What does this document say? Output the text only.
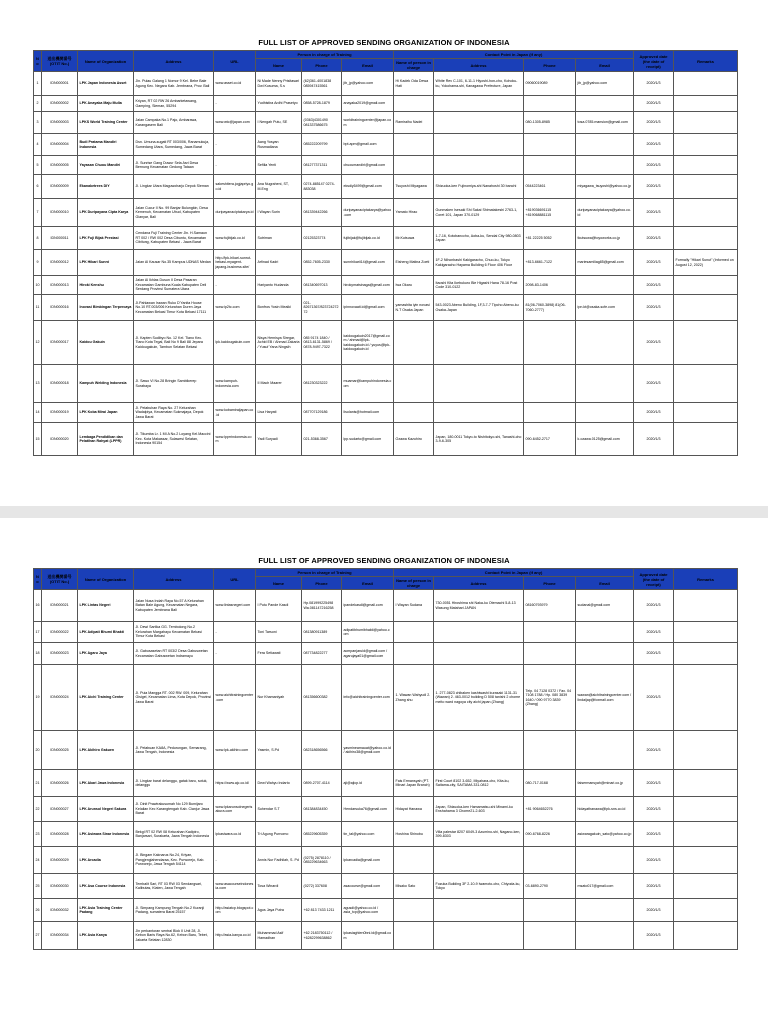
FULL LIST OF APPROVED SENDING ORGANIZATION OF INDONESIA
No	送出機関番号
(OTIT No.)	Name of Organization	Address	URL	Person in charge of Training			Contact Point in Japan (if any)				Approved date (the date of receipt)	Remarks
					Name	Phone	Email	Name of person in charge	Address	Phone	Email		
1	IDN000001	LPK Japan Indonesia Asset	Jln. Pulau Galang 1 Nomor 9 Kel. Bebe Bale Agung Kec. Negara Kab. Jembrana, Prov. Bali	www.asset.co.id	Ni Made Nenny Prisitasari Dwi Kusuma, S.s	(62)361-4001838 085947415561	jib_jp@yahoo.com	Hi Kadek Oda Dewa Hati	White Rev C-101, 6-11-1 Hiyoshi-hon-cho, Kohoku-ku, Yokohama-shi, Kanagawa Prefecture, Japan	09060019089	jib_jp@yahoo.com	2020/1/3	
2	IDN000002	LPK Anayaka Maju Mulia	Kriyan, RT 02 RW 26 Ambarketawang, Gamping, Sleman, 55294	-	Yudhistira Ardhi Prasetyo	0858-5728-1879	anayaka2019@gmail.com					2020/1/3	
3	IDN000003	LPKS World Training Center	Jalan Campaka No.1 Pajo, Ambarawa, Karangasem Bali	www.wtc@japan.com	I Nengah Putu, SE	(0363)4301490 081337586675	worldtrainingcenter@japan.com	Ramiraihu Nadei		080-1305-8985	tosa.0785.mansion@gmail.com	2020/1/3	
4	IDN000004	Budi Pratama Mandiri Indonesia	Dsn. Umuna-sugati RT 003/006, Ranamukuja, Sumedang Utara, Sumedang, Jawa Barat	-	Aang Yosyan Rusmadiana	085222209799	bpt.apm@gmail.com					2020/1/3	
5	IDN000005	Yayasan Chuou Mandiri	Jl. Sunrise Gang Duwur Sela Asri Desa Bernung Kecamatan Gedong Tataan	-	Sefilia Yenti	081277371311	chuoumandiri@gmail.com					2020/1/3	
6	IDN000009	Ekanaketrees DIY	Jl. Lingkar Utara Maguwoharjo Depok Sleman	sakeshitera.jogjapriyo.go.id	Ana Nugraheni, ST, M.Eng	0274-885147 0274-883038	eksdiy5499@gmail.com	Tsuyoshi Miyagawa	Shizuoka-ken Fujinomiya-shi Nanahoshi 30 banchi	0544223461	miyagawa_tsuyoshi@yahoo.co.jp	2020/1/3	
7	IDN000010	LPK Duripayana Cipta Karya	Jalan Cucur II No. 99 Banjar Bulungkin, Desa Kemenuh, Kecamatan Ubud, Kabupaten Gianyar, Bali	duripayanaciptakarya.id	I Wayan Surin	081339442266	duripayanaciptakarya@yahoo.com	Yamato Hirao	Gunmaken Isesaki Shi Sakai Shimatakeshi 2763-1, Coret 101, Japan 370-0129	+819036691115 +819068881115	duripayanaciptakarya@yahoo.co.id	2020/1/3	
8	IDN000011	LPK Fuji Bijak Prestasi	Cendana Fuji Training Center Jln. H.Samaun RT 002 / RW 002 Desa Cibuntu, Kecamatan Cibitung, Kabupaten Bekasi - Jawa Barat	www.fujibijak.co.id	Sutriman	02125323774	fujibijak@fujibijak.co.id	Mr.Kutsuwa	1-7-16, Kotobanccho, Aoba-ku, Sendai City 980-0803 Japan	+81 22225 5052	tkutsuwa@toyoworks.co.jp	2020/1/3	
9	IDN000012	LPK Hikari Sunnt	Jalan Al Kausar No.35 Kampus UDNAS Medan	http://lpk-hikari-sunrut-bekasi-myagent-japang-business.site/	Arfinad Kadri	0852-7605-2330	sunnhikarii14@gmail.com	Eisheng Matina Zoeti	1F-2 Nihonbashi Kakigaracho, Chuo-ku, Tokyo Kakigaracho Hayama Building 6 Floor 406 Floor	+813-6661-7122	mariesamiliag85@gmail.com	2020/1/3	Formally "Hikari Sunut" (Informed on August 12, 2022)
10	IDN000013	Hiroki Kenshu	Jalan Al Ikhlas Dusun II Desa Pasaran Kecamatan Gambuna Kuala Kabupaten Deli Serdang Provinsi Sumatera Utara	-	Hariyanto Hudanda	081340697013	hirokymatsinaga@gmail.com	Iwa Okaru	Itaoshi Kita Ikebukuro Ble Higashi Hana 78-16 Post Code 310-0122	2098-83-1406		2020/1/3	
11	IDN000016	Inovasi Bimbingan Terpercaya	Jl.Pahlawan Irawan Ruko D'Yanita House No.10 RT.003/006 Kelurahan Duren Jaya Kecamatan Bekasi Timur Kota Bekasi 17111	www.ip2tc.com	Bonfros Yosin Meaiki	021-82671367/82372427272	ipinnovaati.id@gmail.com	yamashita iyin novasi N.T Osaka Japan	543-0023 Abeno Building, 1F,3-7-7 Tipcho Abeno-ku Osaka-Japan	81(06-7060-3898) 81(06-7060-2777)	ipn.kt@osaka-scfe.com	2020/1/3	
12	IDN000017	Kaidou Gakuin	Jl. Kapten Sudibyo No. 12 Kel. Tiano Kec. Tiano Kota Tegal, Bali No 9 Bali 88 Jepara Kaidougakuin, Tambun Selatan Bekasi	lpk.kaidougakuin.com	Nisya Hernisya Siregar, Achid EB / Ahmad Zakaria / Yusuf Yana Ningsih	085 9174 1840 / 0813-6131-5869 / 0878-9497-7322	kaidougakuin2017@gmail.com / ahmad@lpk-kaidougakuin.id / yuyus@lpk-kaidougakuin.id					2020/1/3	
13	IDN000018	Kampuh Welding Indonesia	Jl. Sawo VI No.28 Bringin Sambikerep Surabaya	www.kampuh-indonesia.com	II Mach Maarer	081230323222	muamar@kampuhindonesia.com					2020/1/3	
14	IDN000019	LPK Koba Mirai Japan	Jl. Pelabuhan Raya No. 27 Kelurahan Wadalpiya, Kecamatan Sukmajaya, Depok Jawa Barat	www.kobamiraijapan.co.id	Lisa Haryati	087707129186	lisolanis@hotmail.com					2020/1/3	
15	IDN000020	Lembaga Pendidikan dan Pelatihan Rahyat (LPPR)	Jl. Tikumba Lr. 1 MI A No.2 Loyang Kel.Maccini Kec. Kota Makassar, Sulawesi Selatan, Indonesia 90154	www.lpprrindonesia.com	Yadi Suryadi	021-5368-3567	lpp.sudarto@gmail.com	Ozawa Kazuhiro	Japan, 180-0011 Tokyo-to Nishitokyo-shi, Tanashi-cho 3-9-6-305	090-6452-2717	k.ozawa.0125@gmail.com	2020/1/3	
FULL LIST OF APPROVED SENDING ORGANIZATION OF INDONESIA
No	送出機関番号
(OTIT No.)	Name of Organization	Address	URL	Person in charge of Training			Contact Point in Japan (if any)				Approved date (the date of receipt)	Remarks
					Name	Phone	Email	Name of person in charge	Address	Phone	Email		
16	IDN000021	LPK Lintas Negeri	Jalan Nusa Indah Raya No.57 A Kelurahan Batan Bale Agung, Kecamatan Negara, Kabupaten Jembrana Bali	www.lintasnegeri.com	I Putu Pande Kasdi	Hp.081999225498 Wa.081147216258	ipandekasdi@gmail.com	I Wayan Sudana	730-0051 Hiroshima shi Naka-ku Otemachi 5-8-13 Wasung Matahari JAPAN	08160793979	sudanal@gmail.com	2020/1/3	
17	IDN000022	LPK Adipati Bhumi Bhakti	Jl. Dewi Sartika GG. Tembolong No.2 Kelurahan Margahayu Kecamatan Bekasi Timur Kota Bekasi	-	Toni Tarsoni	081380911389	adipatibhumibhakti@yahoo.com					2020/1/3	
18	IDN000023	LPK Agaru Jaya	Jl. Gabusasetan RT 003/2 Desa Gabuswetan Kecamatan Gabuswetan Indramayu	-	Fera Setiawati	087734822277	acmpanjaruid@gmail.com / agarujaya01@gmail.com					2020/1/3	
19	IDN000024	LPK Aichi Training Center	Jl. Puia Mangga RT. 002 RW. 009, Kelurahan Gisigel, Kecamatan Lima, Kota Depok, Provinsi Jawa Barat	www.aichitrainingcenter.com	Nur Khamaniyah	081356600382	info@aichitrainingcenter.com	1. Wawan Wahyudi 2. Zhang shu	1. 277-0823 chibaken kashiwashi kurasaki 1131-31 (Wawan) 2. 463-0012 building D 508 tanishi 2 chome meito ward nagoya city aichi japan (Zhang)	Telp. 04 7128 0372 / Fax. 04 7108 1788 / Hp. 080 3839 1640 / 090 9770 3839 (Zhang)	wawan@aichitrainingcenter.com / lindaijap@foxmail.com	2020/1/3	
20	IDN000025	LPK Akihiro Gakuen	Jl. Pelabuan KA8A, Pedurungan, Semarang, Jawa Tengah, Indonesia	www.lpk-akihiro.com	Yasmin, S.Pd	082318656566	yasmineamauat@yahoo.co.id / akihiro38@gmail.com					2020/1/3	
21	IDN000026	LPK Akari Jawa Indonesia	Jl. Lingkar barat delanggu, gatak baru, sotuk, delanggu	https://www.ajc.co.id/	Dewi Wahyu Indarto	0899-2707-4114	aji@ajicp.id	Fais Ermansyah (PT. Minari Japan Branch)	First Court 8102 3-652, Miyahara-cho, Kita-ku, Saitama-city, SAITAMA 331-0812	080-717-0168	faisermansyah@minari.co.jp	2020/1/3	
22	IDN000027	LPK Arunsol Negeri Sakura	Jl. Dinit Prawirakusumah No 129 Bumijaro Kelalian Kec Karangtengah Kab. Cianjur Jawa Barat	www.lpkarunsolnegerisakura.com	Suhendar S.T	081384834450	Hendarsuka76@gmail.com	Hidayat Hanawa	Japan, Shizuoka-ken Hamamatsu-shi Minami-ku Enshahama 3 Chome21-2-603	+81 9064652276	hidayathanawa@lpk-sns.co.id	2020/1/3	
23	IDN000028	LPK Asiwara Sinar Indonesia	Bekgl RT 02 RW 08 Kelurahan Kadipiro, Banjarsari, Surakarta, Jawa Tengah Indonesia	lpkasiwara.co.id	Tri Agung Purnomo	085229605359	tin_tal@yahoo.com	Hoshina Shinobu	Villa palestar 8207 6049-3 Azumino-shi, Nagano-ken, 399-8303	090-6768-8226	asiwaragakuin_sato@yahoo.co.jp	2020/1/3	
24	IDN000029	LPK Arcadia	Jl. Bingam Kaknarus No.24, Kriyan, Pangjenglahendaraa, Kec. Purworejo, Kab. Purworejo, Jawa Tengah 54114	-	Annis Nur Fadhilah, S. Pd	(0275) 2878110 / 085229634663	lpkarcadia@gmail.com					2020/1/3	
25	IDN000030	LPK Asa Course Indonesia	Tembalit Sari, RT 03 RW 03 Sendangsari, Kalibutas, Klaten, Jawa Tengah	www.asacourseindonesia.com	Tosa Winardi	(0272) 337608	asacourse@gmail.com	Misako Sato	Fozuka Building 3F 2-10-9 Iwamoto-cho, Chiyoda-ku, Tokyo	03-6890-2790	msato017@gmail.com	2020/1/3	
26	IDN000032	LPK Asia Training Center Padang	Jl. Simpang Kampung Tengah No.2 Kuranji Padang, sumatera Barat 25157	http://asiatcp.blogspot.com	Agus Jaya Putra	+62 813 7433 1211	agusdi@yahoo.co.id / asia_tcp@yahoo.com					2020/1/3	
27	IDN000034	LPK Asia Kanya	Jln perkantoran sentral Blok II Unit 28, Jl. Kebon Baris Raya No.62, Kebon Baru, Tebet, Jakarta Selatan 12830	http://asia-kanya.co.id	Muhammad Asif Hamadhan	+62 2183750112 / +6282299638862	lpkasiaghlen0bni.id@gmail.com					2020/1/3	
